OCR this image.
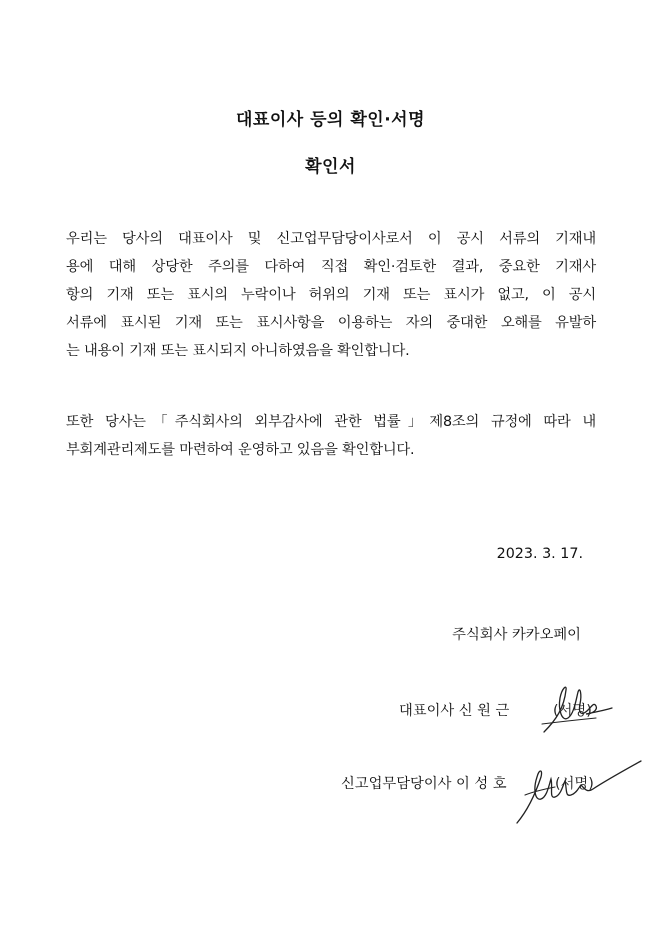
대표이사 등의 확인·서명
확인서
우리는 당사의 대표이사 및 신고업무담당이사로서 이 공시 서류의 기재내
용에 대해 상당한 주의를 다하여 직접 확인·검토한 결과, 중요한 기재사
항의 기재 또는 표시의 누락이나 허위의 기재 또는 표시가 없고, 이 공시
서류에 표시된 기재 또는 표시사항을 이용하는 자의 중대한 오해를 유발하
는 내용이 기재 또는 표시되지 아니하였음을 확인합니다.
또한 당사는「주식회사의 외부감사에 관한 법률」제8조의 규정에 따라 내
부회계관리제도를 마련하여 운영하고 있음을 확인합니다.
2023. 3. 17.
주식회사 카카오페이
대표이사 신 원 근	(서명)
신고업무담당이사 이 성 호	(서명)
